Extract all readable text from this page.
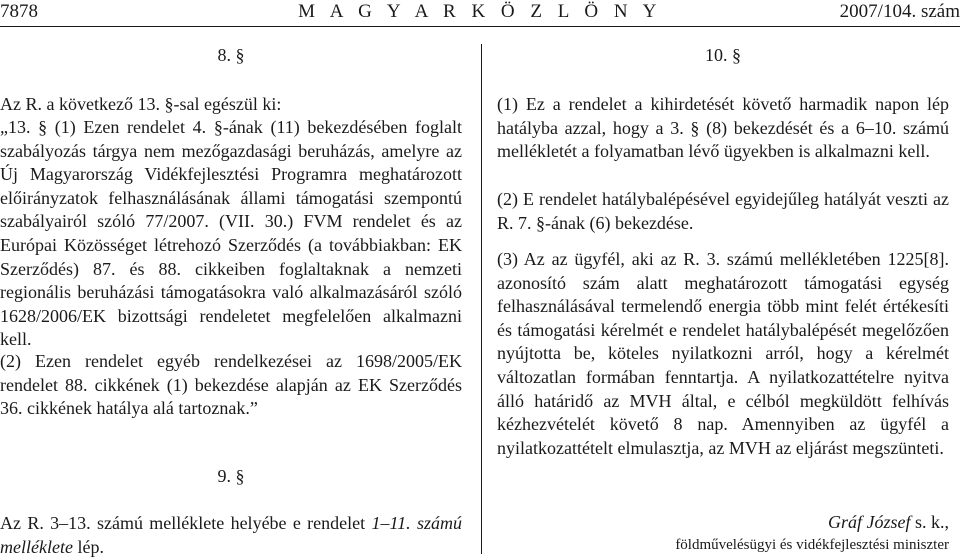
7878	M A G Y A R K Ö Z L Ö N Y	2007/104. szám

8. §

Az R. a következő 13. §-sal egészül ki:

„13. § (1) Ezen rendelet 4. §-ának (11) bekezdésében foglalt szabályozás tárgya nem mezőgazdasági beruházás, amelyre az Új Magyarország Vidékfejlesztési Programra meghatározott előirányzatok felhasználásának állami támogatási szempontú szabályairól szóló 77/2007. (VII. 30.) FVM rendelet és az Európai Közösséget létrehozó Szerződés (a továbbiakban: EK Szerződés) 87. és 88. cikkeiben foglaltaknak a nemzeti regionális beruházási támogatásokra való alkalmazásáról szóló 1628/2006/EK bizottsági rendeletet megfelelően alkalmazni kell.

(2) Ezen rendelet egyéb rendelkezései az 1698/2005/EK rendelet 88. cikkének (1) bekezdése alapján az EK Szerződés 36. cikkének hatálya alá tartoznak.”

9. §

Az R. 3–13. számú melléklete helyébe e rendelet 1–11. számú melléklete lép.

10. §

(1) Ez a rendelet a kihirdetését követő harmadik napon lép hatályba azzal, hogy a 3. § (8) bekezdését és a 6–10. számú mellékletét a folyamatban lévő ügyekben is alkalmazni kell.

(2) E rendelet hatálybalépésével egyidejűleg hatályát veszti az R. 7. §-ának (6) bekezdése.

(3) Az az ügyfél, aki az R. 3. számú mellékletében 1225[8]. azonosító szám alatt meghatározott támogatási egység felhasználásával termelendő energia több mint felét értékesíti és támogatási kérelmét e rendelet hatálybalépését megelőzően nyújtotta be, köteles nyilatkozni arról, hogy a kérelmét változatlan formában fenntartja. A nyilatkozattételre nyitva álló határidő az MVH által, e célból megküldött felhívás kézhezvételét követő 8 nap. Amennyiben az ügyfél a nyilatkozattételt elmulasztja, az MVH az eljárást megszünteti.

Gráf József s. k.,

földművelésügyi és vidékfejlesztési miniszter
